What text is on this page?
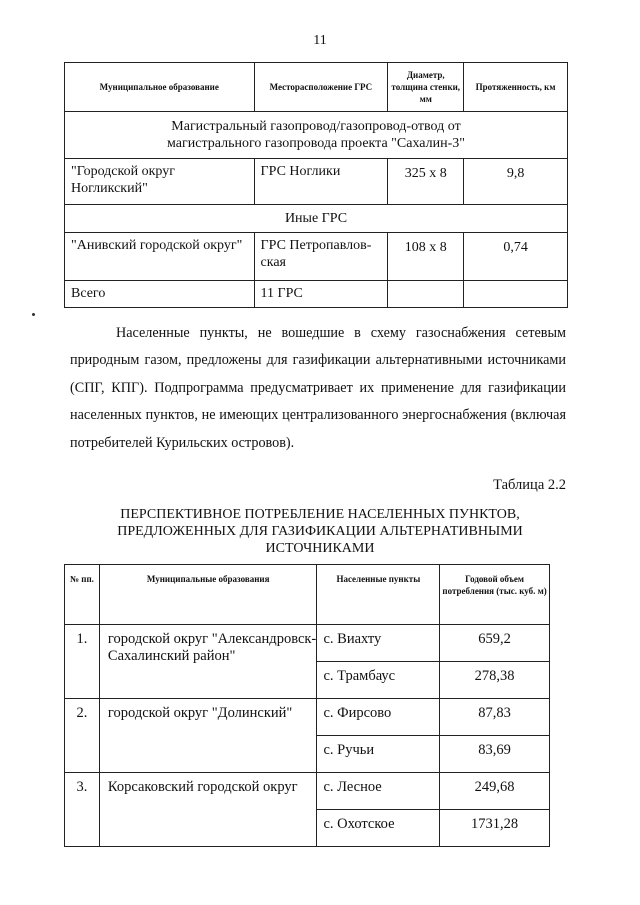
11
Муниципальное образование	Месторасположение ГРС	Диаметр, толщина стенки, мм	Протяженность, км
Магистральный газопровод/газопровод-отвод от магистрального газопровода проекта "Сахалин-3"			
"Городской округ Ногликский"	ГРС Ноглики	325 x 8	9,8
Иные ГРС			
"Анивский городской округ"	ГРС Петропавлов-ская	108 x 8	0,74
Всего	11 ГРС		

Населенные пункты, не вошедшие в схему газоснабжения сетевым природным газом, предложены для газификации альтернативными источниками (СПГ, КПГ). Подпрограмма предусматривает их применение для газификации населенных пунктов, не имеющих централизованного энергоснабжения (включая потребителей Курильских островов).

Таблица 2.2
ПЕРСПЕКТИВНОЕ ПОТРЕБЛЕНИЕ НАСЕЛЕННЫХ ПУНКТОВ, ПРЕДЛОЖЕННЫХ ДЛЯ ГАЗИФИКАЦИИ АЛЬТЕРНАТИВНЫМИ ИСТОЧНИКАМИ
№ пп.	Муниципальные образования	Населенные пункты	Годовой объем потребления (тыс. куб. м)
1.	городской округ "Александровск-Сахалинский район"	с. Виахту	659,2
		с. Трамбаус	278,38
2.	городской округ "Долинский"	с. Фирсово	87,83
		с. Ручьи	83,69
3.	Корсаковский городской округ	с. Лесное	249,68
		с. Охотское	1731,28
